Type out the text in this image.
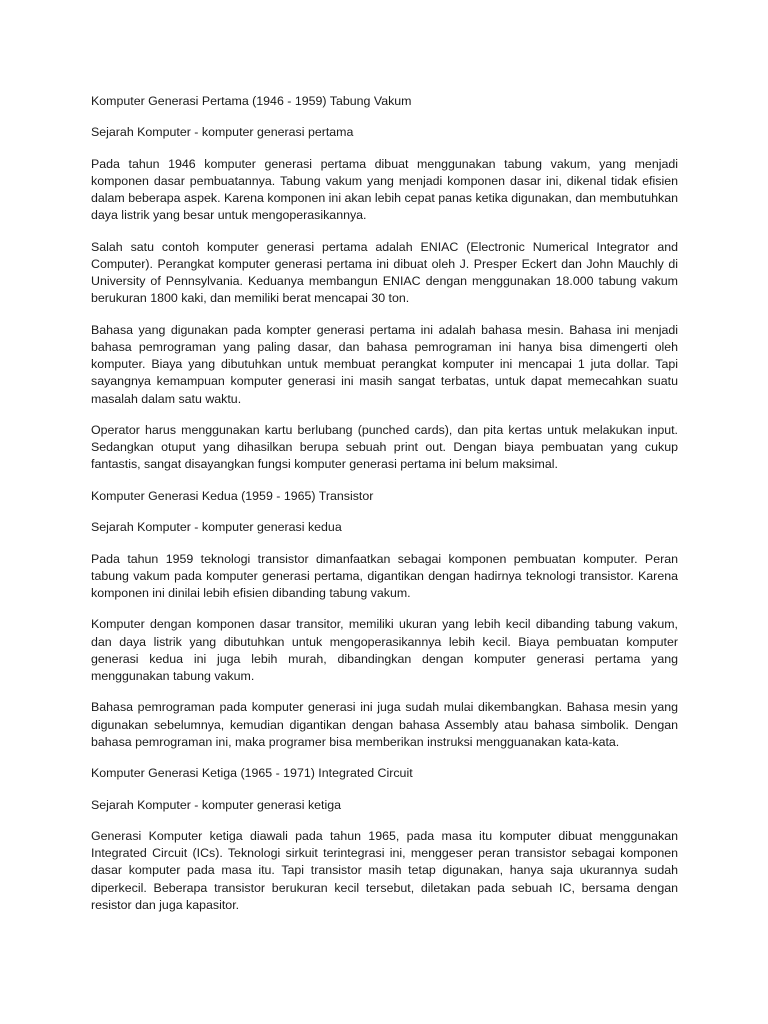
Komputer Generasi Pertama (1946 - 1959) Tabung Vakum

Sejarah Komputer - komputer generasi pertama

Pada tahun 1946 komputer generasi pertama dibuat menggunakan tabung vakum, yang menjadi komponen dasar pembuatannya. Tabung vakum yang menjadi komponen dasar ini, dikenal tidak efisien dalam beberapa aspek. Karena komponen ini akan lebih cepat panas ketika digunakan, dan membutuhkan daya listrik yang besar untuk mengoperasikannya.

Salah satu contoh komputer generasi pertama adalah ENIAC (Electronic Numerical Integrator and Computer). Perangkat komputer generasi pertama ini dibuat oleh J. Presper Eckert dan John Mauchly di University of Pennsylvania. Keduanya membangun ENIAC dengan menggunakan 18.000 tabung vakum berukuran 1800 kaki, dan memiliki berat mencapai 30 ton.

Bahasa yang digunakan pada kompter generasi pertama ini adalah bahasa mesin. Bahasa ini menjadi bahasa pemrograman yang paling dasar, dan bahasa pemrograman ini hanya bisa dimengerti oleh komputer. Biaya yang dibutuhkan untuk membuat perangkat komputer ini mencapai 1 juta dollar. Tapi sayangnya kemampuan komputer generasi ini masih sangat terbatas, untuk dapat memecahkan suatu masalah dalam satu waktu.

Operator harus menggunakan kartu berlubang (punched cards), dan pita kertas untuk melakukan input. Sedangkan otuput yang dihasilkan berupa sebuah print out. Dengan biaya pembuatan yang cukup fantastis, sangat disayangkan fungsi komputer generasi pertama ini belum maksimal.

Komputer Generasi Kedua (1959 - 1965) Transistor

Sejarah Komputer - komputer generasi kedua

Pada tahun 1959 teknologi transistor dimanfaatkan sebagai komponen pembuatan komputer. Peran tabung vakum pada komputer generasi pertama, digantikan dengan hadirnya teknologi transistor. Karena komponen ini dinilai lebih efisien dibanding tabung vakum.

Komputer dengan komponen dasar transitor, memiliki ukuran yang lebih kecil dibanding tabung vakum, dan daya listrik yang dibutuhkan untuk mengoperasikannya lebih kecil. Biaya pembuatan komputer generasi kedua ini juga lebih murah, dibandingkan dengan komputer generasi pertama yang menggunakan tabung vakum.

Bahasa pemrograman pada komputer generasi ini juga sudah mulai dikembangkan. Bahasa mesin yang digunakan sebelumnya, kemudian digantikan dengan bahasa Assembly atau bahasa simbolik. Dengan bahasa pemrograman ini, maka programer bisa memberikan instruksi mengguanakan kata-kata.

Komputer Generasi Ketiga (1965 - 1971) Integrated Circuit

Sejarah Komputer - komputer generasi ketiga

Generasi Komputer ketiga diawali pada tahun 1965, pada masa itu komputer dibuat menggunakan Integrated Circuit (ICs). Teknologi sirkuit terintegrasi ini, menggeser peran transistor sebagai komponen dasar komputer pada masa itu. Tapi transistor masih tetap digunakan, hanya saja ukurannya sudah diperkecil. Beberapa transistor berukuran kecil tersebut, diletakan pada sebuah IC, bersama dengan resistor dan juga kapasitor.
